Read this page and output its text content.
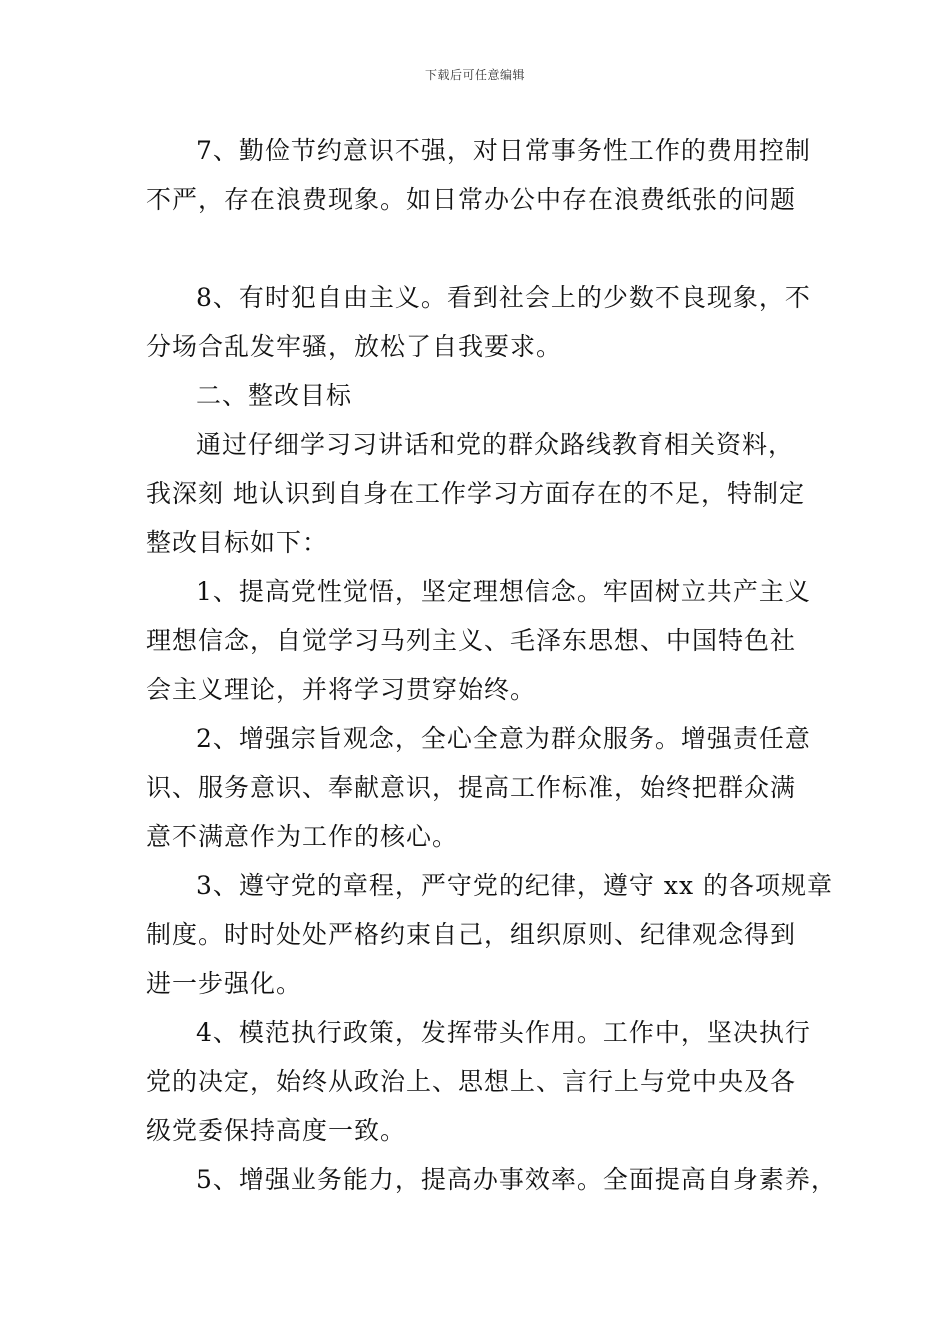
下载后可任意编辑
7、勤俭节约意识不强，对日常事务性工作的费用控制
不严，存在浪费现象。如日常办公中存在浪费纸张的问题
8、有时犯自由主义。看到社会上的少数不良现象，不
分场合乱发牢骚，放松了自我要求。
二、整改目标
通过仔细学习习讲话和党的群众路线教育相关资料，
我深刻 地认识到自身在工作学习方面存在的不足，特制定
整改目标如下：
1、提高党性觉悟，坚定理想信念。牢固树立共产主义
理想信念，自觉学习马列主义、毛泽东思想、中国特色社
会主义理论，并将学习贯穿始终。
2、增强宗旨观念，全心全意为群众服务。增强责任意
识、服务意识、奉献意识，提高工作标准，始终把群众满
意不满意作为工作的核心。
3、遵守党的章程，严守党的纪律，遵守 xx 的各项规章
制度。时时处处严格约束自己，组织原则、纪律观念得到
进一步强化。
4、模范执行政策，发挥带头作用。工作中，坚决执行
党的决定，始终从政治上、思想上、言行上与党中央及各
级党委保持高度一致。
5、增强业务能力，提高办事效率。全面提高自身素养，
